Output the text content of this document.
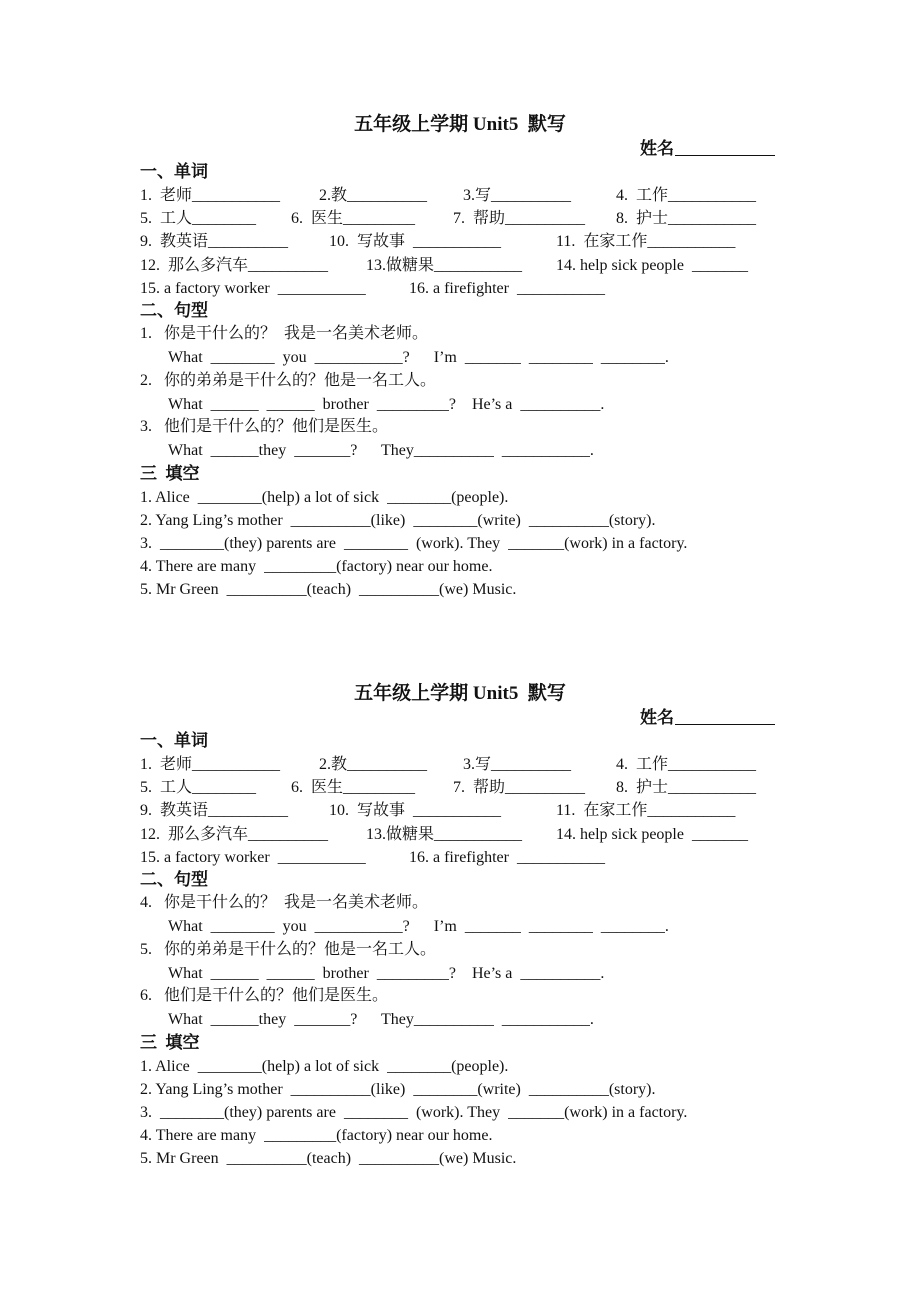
五年级上学期 Unit5  默写
姓名
一、单词
1.  老师___________ 2.教__________ 3.写__________	4.  工作___________
5.  工人________ 6.  医生_________ 7.  帮助__________ 8.  护士___________
9.  教英语__________	10.  写故事  ___________	11.  在家工作___________
12.  那么多汽车__________ 13.做糖果___________ 14. help sick people  _______
15. a factory worker  ___________	16. a firefighter  ___________
二、句型
1.   你是干什么的？  我是一名美术老师。
What  ________  you  ___________?      I’m  _______  ________  ________.
2.   你的弟弟是干什么的？他是一名工人。
What  ______  ______  brother  _________?    He’s a  __________.
3.   他们是干什么的？他们是医生。
What  ______they  _______?      They__________  ___________.
三  填空
1. Alice  ________(help) a lot of sick  ________(people).
2. Yang Ling’s mother  __________(like)  ________(write)  __________(story).
3.  ________(they) parents are  ________  (work). They  _______(work) in a factory.
4. There are many  _________(factory) near our home.
5. Mr Green  __________(teach)  __________(we) Music.
五年级上学期 Unit5  默写
姓名
一、单词
1.  老师___________ 2.教__________ 3.写__________	4.  工作___________
5.  工人________ 6.  医生_________ 7.  帮助__________ 8.  护士___________
9.  教英语__________	10.  写故事  ___________	11.  在家工作___________
12.  那么多汽车__________ 13.做糖果___________ 14. help sick people  _______
15. a factory worker  ___________	16. a firefighter  ___________
二、句型
4.   你是干什么的？  我是一名美术老师。
What  ________  you  ___________?      I’m  _______  ________  ________.
5.   你的弟弟是干什么的？他是一名工人。
What  ______  ______  brother  _________?    He’s a  __________.
6.   他们是干什么的？他们是医生。
What  ______they  _______?      They__________  ___________.
三  填空
1. Alice  ________(help) a lot of sick  ________(people).
2. Yang Ling’s mother  __________(like)  ________(write)  __________(story).
3.  ________(they) parents are  ________  (work). They  _______(work) in a factory.
4. There are many  _________(factory) near our home.
5. Mr Green  __________(teach)  __________(we) Music.
